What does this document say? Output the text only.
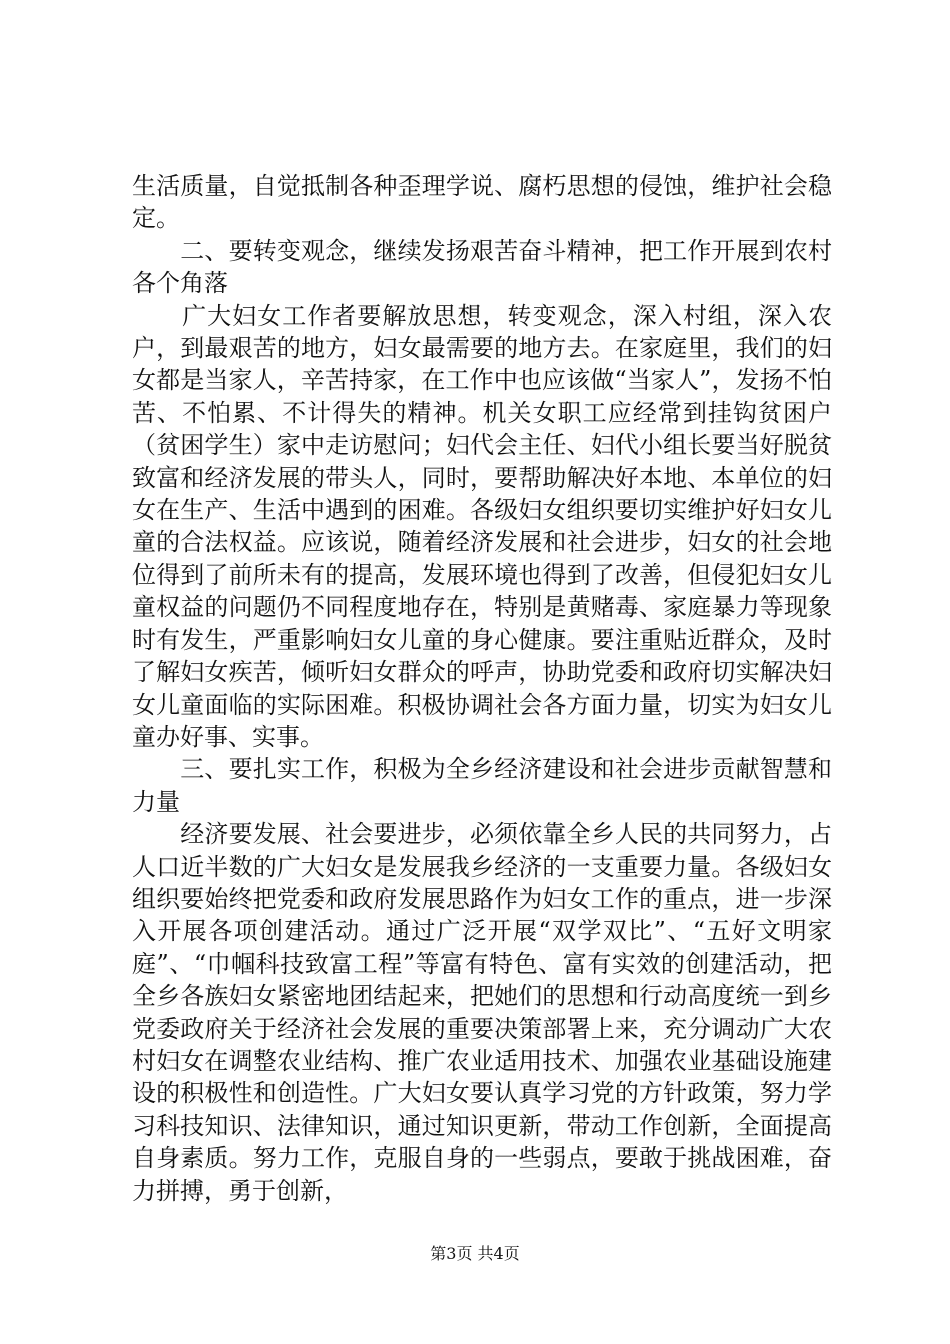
生活质量，自觉抵制各种歪理学说、腐朽思想的侵蚀，维护社会稳定。

　　二、要转变观念，继续发扬艰苦奋斗精神，把工作开展到农村各个角落

　　广大妇女工作者要解放思想，转变观念，深入村组，深入农户，到最艰苦的地方，妇女最需要的地方去。在家庭里，我们的妇女都是当家人，辛苦持家，在工作中也应该做“当家人”，发扬不怕苦、不怕累、不计得失的精神。机关女职工应经常到挂钩贫困户（贫困学生）家中走访慰问；妇代会主任、妇代小组长要当好脱贫致富和经济发展的带头人，同时，要帮助解决好本地、本单位的妇女在生产、生活中遇到的困难。各级妇女组织要切实维护好妇女儿童的合法权益。应该说，随着经济发展和社会进步，妇女的社会地位得到了前所未有的提高，发展环境也得到了改善，但侵犯妇女儿童权益的问题仍不同程度地存在，特别是黄赌毒、家庭暴力等现象时有发生，严重影响妇女儿童的身心健康。要注重贴近群众，及时了解妇女疾苦，倾听妇女群众的呼声，协助党委和政府切实解决妇女儿童面临的实际困难。积极协调社会各方面力量，切实为妇女儿童办好事、实事。

　　三、要扎实工作，积极为全乡经济建设和社会进步贡献智慧和力量

　　经济要发展、社会要进步，必须依靠全乡人民的共同努力，占人口近半数的广大妇女是发展我乡经济的一支重要力量。各级妇女组织要始终把党委和政府发展思路作为妇女工作的重点，进一步深入开展各项创建活动。通过广泛开展“双学双比”、“五好文明家庭”、“巾帼科技致富工程”等富有特色、富有实效的创建活动，把全乡各族妇女紧密地团结起来，把她们的思想和行动高度统一到乡党委政府关于经济社会发展的重要决策部署上来，充分调动广大农村妇女在调整农业结构、推广农业适用技术、加强农业基础设施建设的积极性和创造性。广大妇女要认真学习党的方针政策，努力学习科技知识、法律知识，通过知识更新，带动工作创新，全面提高自身素质。努力工作，克服自身的一些弱点，要敢于挑战困难，奋力拼搏，勇于创新，

第3页 共4页
